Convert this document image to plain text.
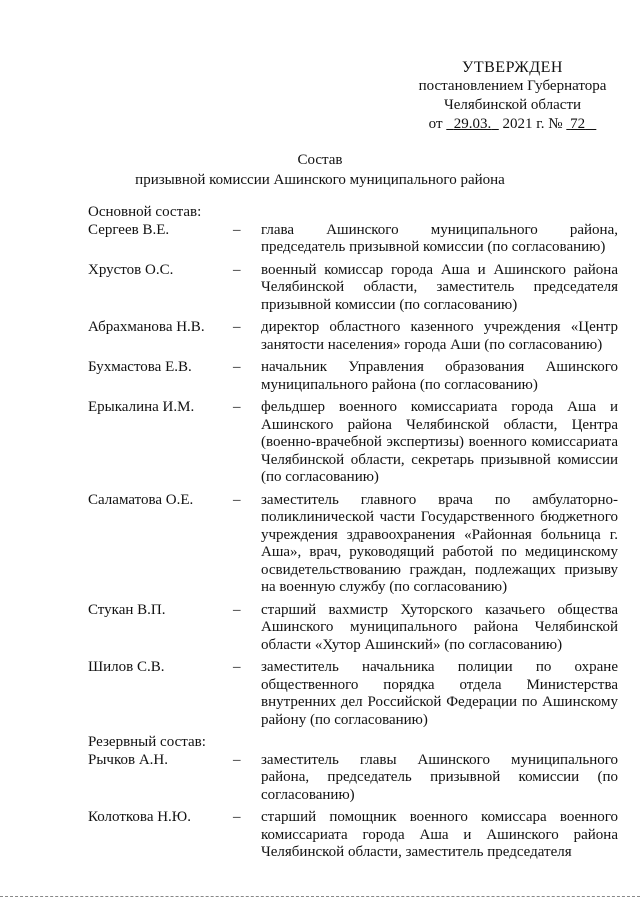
УТВЕРЖДЕН
постановлением Губернатора
Челябинской области
от 29.03. 2021 г. № 72
Состав
призывной комиссии Ашинского муниципального района
Основной состав:
Сергеев В.Е.	–	глава Ашинского муниципального района, председатель призывной комиссии (по согласованию)
Хрустов О.С.	–	военный комиссар города Аша и Ашинского района Челябинской области, заместитель председателя призывной комиссии (по согласованию)
Абрахманова Н.В.	–	директор областного казенного учреждения «Центр занятости населения» города Аши (по согласованию)
Бухмастова Е.В.	–	начальник Управления образования Ашинского муниципального района (по согласованию)
Ерыкалина И.М.	–	фельдшер военного комиссариата города Аша и Ашинского района Челябинской области, Центра (военно-врачебной экспертизы) военного комиссариата Челябинской области, секретарь призывной комиссии (по согласованию)
Саламатова О.Е.	–	заместитель главного врача по амбулаторно-поликлинической части Государственного бюджетного учреждения здравоохранения «Районная больница г. Аша», врач, руководящий работой по медицинскому освидетельствованию граждан, подлежащих призыву на военную службу (по согласованию)
Стукан В.П.	–	старший вахмистр Хуторского казачьего общества Ашинского муниципального района Челябинской области «Хутор Ашинский» (по согласованию)
Шилов С.В.	–	заместитель начальника полиции по охране общественного порядка отдела Министерства внутренних дел Российской Федерации по Ашинскому району (по согласованию)
Резервный состав:
Рычков А.Н.	–	заместитель главы Ашинского муниципального района, председатель призывной комиссии (по согласованию)
Колоткова Н.Ю.	–	старший помощник военного комиссара военного комиссариата города Аша и Ашинского района Челябинской области, заместитель председателя
